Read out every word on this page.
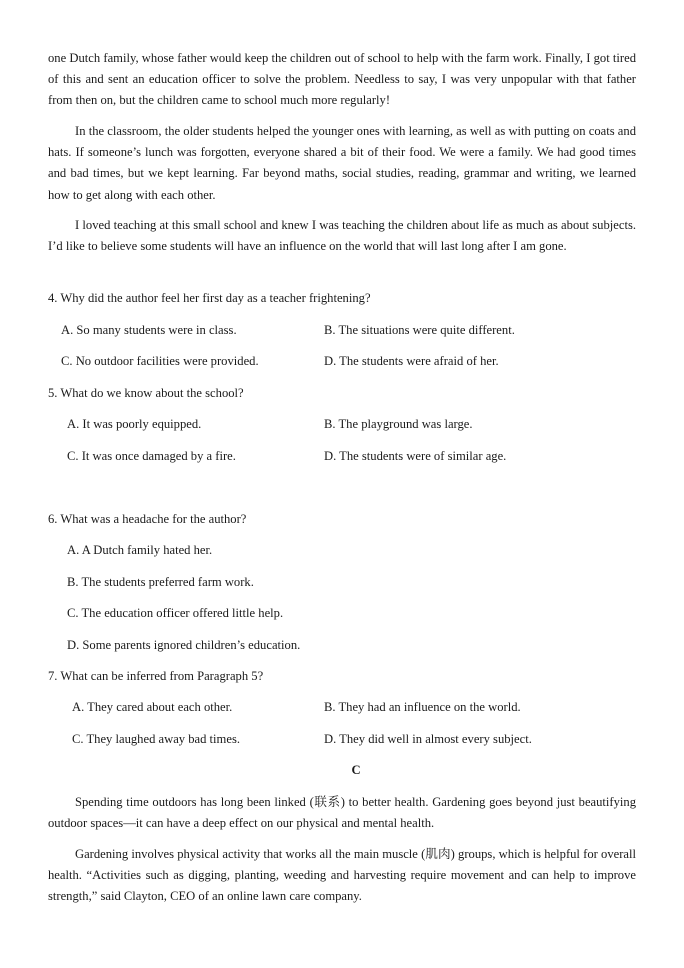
one Dutch family, whose father would keep the children out of school to help with the farm work. Finally, I got tired of this and sent an education officer to solve the problem. Needless to say, I was very unpopular with that father from then on, but the children came to school much more regularly!

In the classroom, the older students helped the younger ones with learning, as well as with putting on coats and hats. If someone’s lunch was forgotten, everyone shared a bit of their food. We were a family. We had good times and bad times, but we kept learning. Far beyond maths, social studies, reading, grammar and writing, we learned how to get along with each other.

I loved teaching at this small school and knew I was teaching the children about life as much as about subjects. I’d like to believe some students will have an influence on the world that will last long after I am gone.

4. Why did the author feel her first day as a teacher frightening?

A. So many students were in class.	B. The situations were quite different.

C. No outdoor facilities were provided.	D. The students were afraid of her.

5. What do we know about the school?

A. It was poorly equipped.	B. The playground was large.

C. It was once damaged by a fire.	D. The students were of similar age.

6. What was a headache for the author?

A. A Dutch family hated her.

B. The students preferred farm work.

C. The education officer offered little help.

D. Some parents ignored children’s education.

7. What can be inferred from Paragraph 5?

A. They cared about each other.	B. They had an influence on the world.

C. They laughed away bad times.	D. They did well in almost every subject.

C

Spending time outdoors has long been linked (联系) to better health. Gardening goes beyond just beautifying outdoor spaces—it can have a deep effect on our physical and mental health.

Gardening involves physical activity that works all the main muscle (肌肉) groups, which is helpful for overall health. “Activities such as digging, planting, weeding and harvesting require movement and can help to improve strength,” said Clayton, CEO of an online lawn care company.
